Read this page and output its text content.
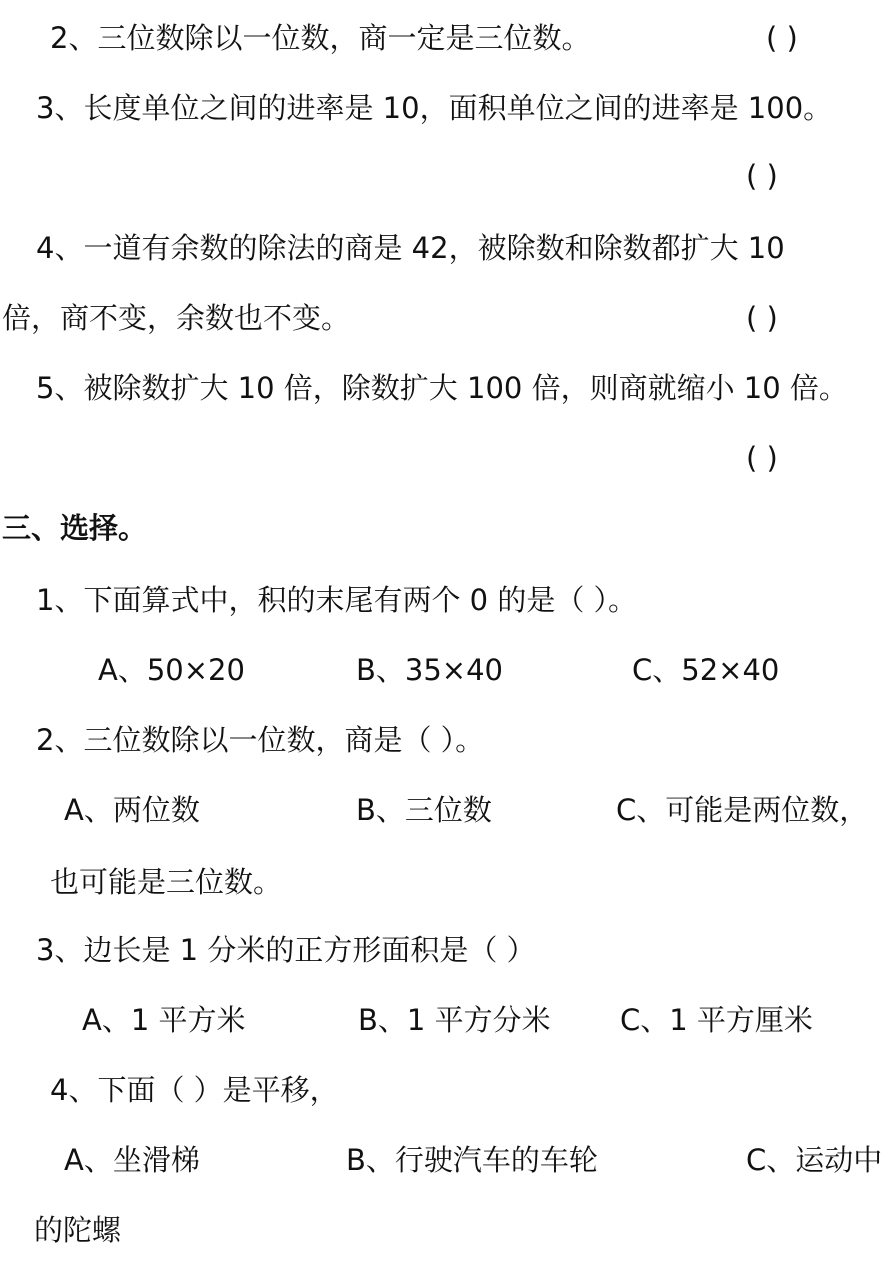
2、三位数除以一位数，商一定是三位数。	( )
3、长度单位之间的进率是 10，面积单位之间的进率是 100。
( )
4、一道有余数的除法的商是 42，被除数和除数都扩大 10
倍，商不变，余数也不变。	( )
5、被除数扩大 10 倍，除数扩大 100 倍，则商就缩小 10 倍。
( )
三、选择。
1、下面算式中，积的末尾有两个 0 的是（ ）。
A、50×20	B、35×40	C、52×40
2、三位数除以一位数，商是（ ）。
A、两位数	B、三位数	C、可能是两位数，
也可能是三位数。
3、边长是 1 分米的正方形面积是（ ）
A、1 平方米	B、1 平方分米 C、1 平方厘米
4、下面（ ）是平移，
A、坐滑梯	B、行驶汽车的车轮	C、运动中
的陀螺
